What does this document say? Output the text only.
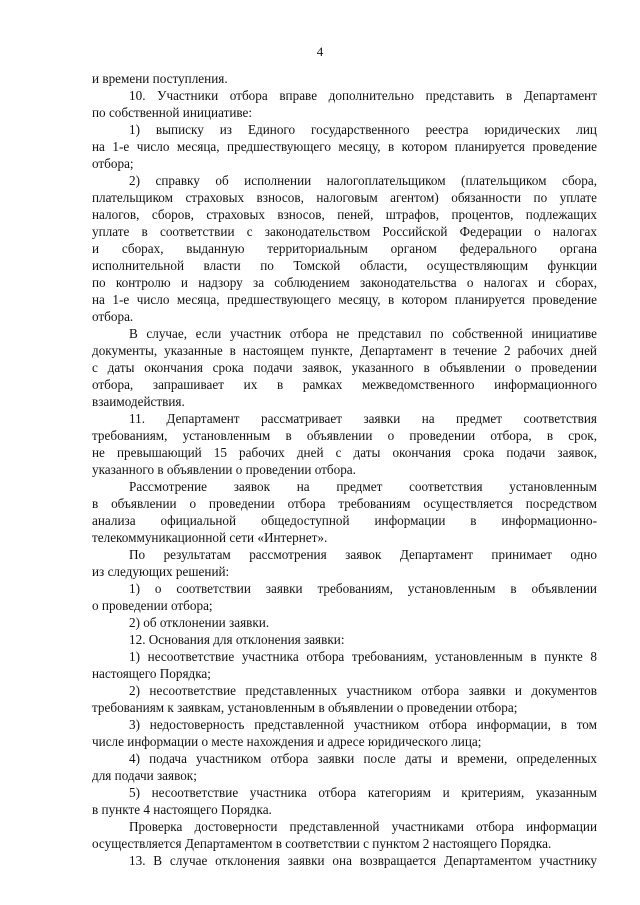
4
и времени поступления.
10. Участники отбора вправе дополнительно представить в Департамент
по собственной инициативе:
1) выписку из Единого государственного реестра юридических лиц
на 1-е число месяца, предшествующего месяцу, в котором планируется проведение
отбора;
2) справку об исполнении налогоплательщиком (плательщиком сбора,
плательщиком страховых взносов, налоговым агентом) обязанности по уплате
налогов, сборов, страховых взносов, пеней, штрафов, процентов, подлежащих
уплате в соответствии с законодательством Российской Федерации о налогах
и сборах, выданную территориальным органом федерального органа
исполнительной власти по Томской области, осуществляющим функции
по контролю и надзору за соблюдением законодательства о налогах и сборах,
на 1-е число месяца, предшествующего месяцу, в котором планируется проведение
отбора.
В случае, если участник отбора не представил по собственной инициативе
документы, указанные в настоящем пункте, Департамент в течение 2 рабочих дней
с даты окончания срока подачи заявок, указанного в объявлении о проведении
отбора, запрашивает их в рамках межведомственного информационного
взаимодействия.
11. Департамент рассматривает заявки на предмет соответствия
требованиям, установленным в объявлении о проведении отбора, в срок,
не превышающий 15 рабочих дней с даты окончания срока подачи заявок,
указанного в объявлении о проведении отбора.
Рассмотрение заявок на предмет соответствия установленным
в объявлении о проведении отбора требованиям осуществляется посредством
анализа официальной общедоступной информации в информационно-
телекоммуникационной сети «Интернет».
По результатам рассмотрения заявок Департамент принимает одно
из следующих решений:
1) о соответствии заявки требованиям, установленным в объявлении
о проведении отбора;
2) об отклонении заявки.
12. Основания для отклонения заявки:
1) несоответствие участника отбора требованиям, установленным в пункте 8
настоящего Порядка;
2) несоответствие представленных участником отбора заявки и документов
требованиям к заявкам, установленным в объявлении о проведении отбора;
3) недостоверность представленной участником отбора информации, в том
числе информации о месте нахождения и адресе юридического лица;
4) подача участником отбора заявки после даты и времени, определенных
для подачи заявок;
5) несоответствие участника отбора категориям и критериям, указанным
в пункте 4 настоящего Порядка.
Проверка достоверности представленной участниками отбора информации
осуществляется Департаментом в соответствии с пунктом 2 настоящего Порядка.
13. В случае отклонения заявки она возвращается Департаментом участнику
